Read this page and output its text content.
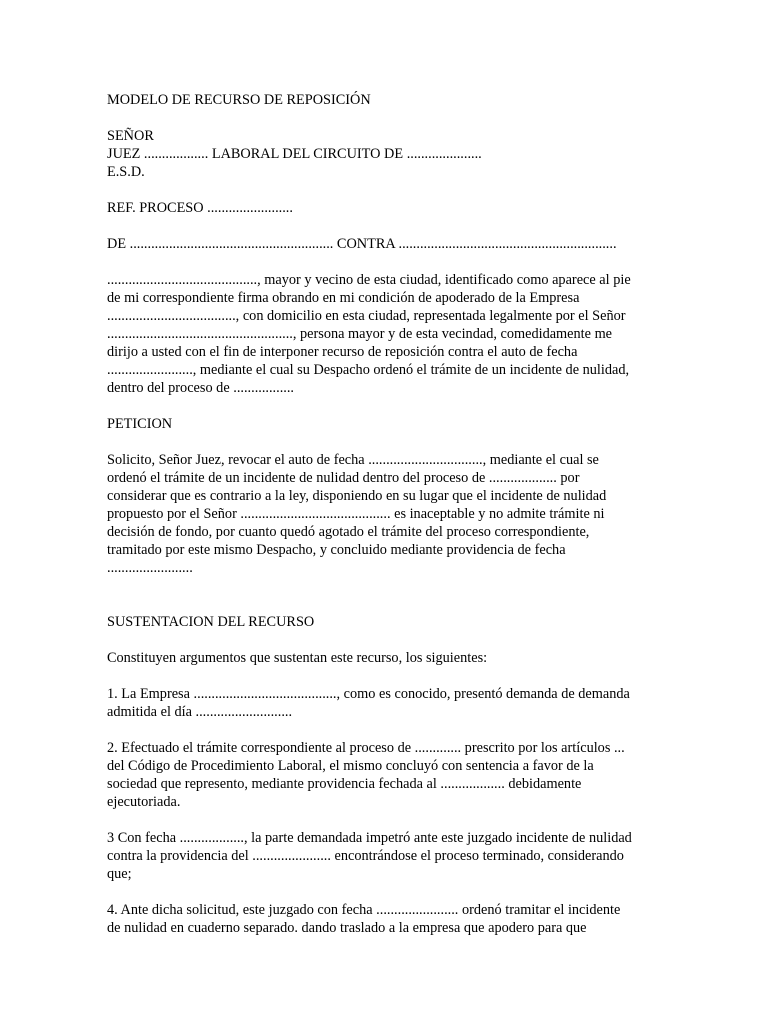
MODELO DE RECURSO DE REPOSICIÓN
SEÑOR
JUEZ .................. LABORAL DEL CIRCUITO DE .....................
E.S.D.
REF. PROCESO ........................
DE ......................................................... CONTRA .............................................................
.........................................., mayor y vecino de esta ciudad, identificado como aparece al pie
de mi correspondiente firma obrando en mi condición de apoderado de la Empresa
...................................., con domicilio en esta ciudad, representada legalmente por el Señor
...................................................., persona mayor y de esta vecindad, comedidamente me
dirijo a usted con el fin de interponer recurso de reposición contra el auto de fecha
........................, mediante el cual su Despacho ordenó el trámite de un incidente de nulidad,
dentro del proceso de .................
PETICION
Solicito, Señor Juez, revocar el auto de fecha ................................, mediante el cual se
ordenó el trámite de un incidente de nulidad dentro del proceso de ................... por
considerar que es contrario a la ley, disponiendo en su lugar que el incidente de nulidad
propuesto por el Señor .......................................... es inaceptable y no admite trámite ni
decisión de fondo, por cuanto quedó agotado el trámite del proceso correspondiente,
tramitado por este mismo Despacho, y concluido mediante providencia de fecha
........................
SUSTENTACION DEL RECURSO
Constituyen argumentos que sustentan este recurso, los siguientes:
1. La Empresa ........................................, como es conocido, presentó demanda de demanda
admitida el día ...........................
2. Efectuado el trámite correspondiente al proceso de ............. prescrito por los artículos ...
del Código de Procedimiento Laboral, el mismo concluyó con sentencia a favor de la
sociedad que represento, mediante providencia fechada al .................. debidamente
ejecutoriada.
3 Con fecha .................., la parte demandada impetró ante este juzgado incidente de nulidad
contra la providencia del ...................... encontrándose el proceso terminado, considerando
que;
4. Ante dicha solicitud, este juzgado con fecha ....................... ordenó tramitar el incidente
de nulidad en cuaderno separado. dando traslado a la empresa que apodero para que
